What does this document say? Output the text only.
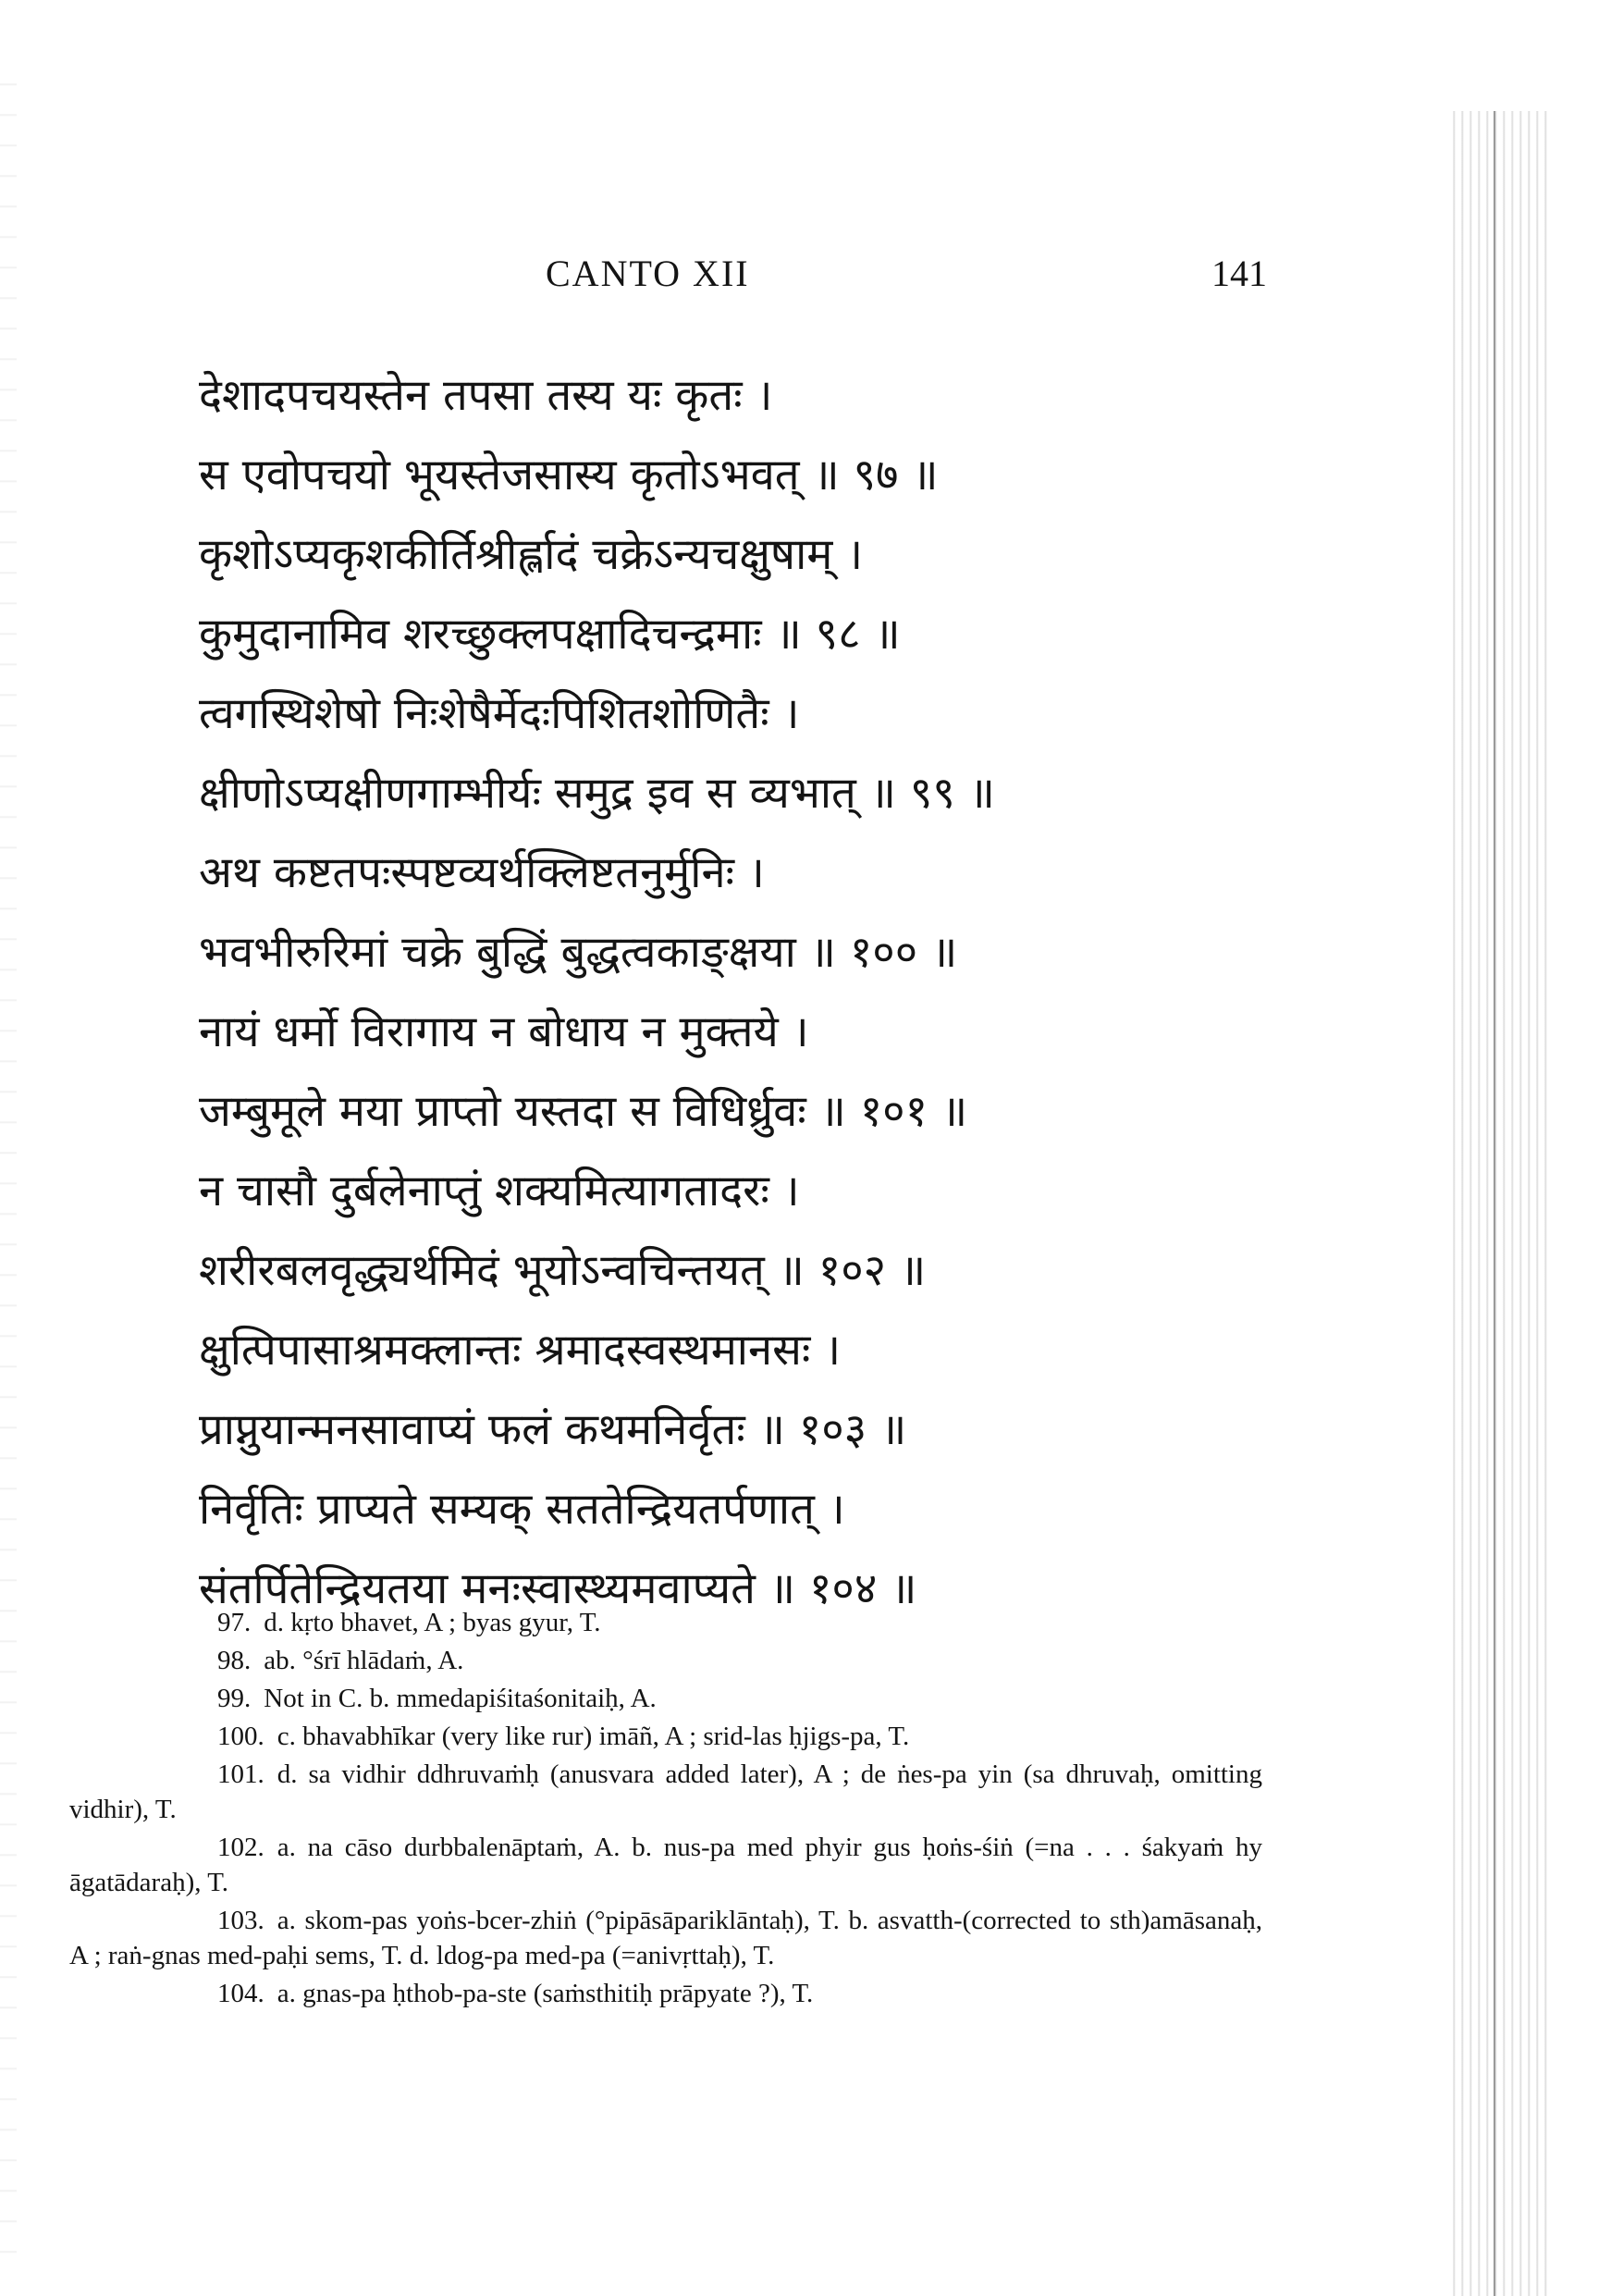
CANTO XII	141
देशादपचयस्तेन तपसा तस्य यः कृतः ।
स एवोपचयो भूयस्तेजसास्य कृतोऽभवत् ॥ ९७ ॥
कृशोऽप्यकृशकीर्तिश्रीर्ह्लादं चक्रेऽन्यचक्षुषाम् ।
कुमुदानामिव शरच्छुक्लपक्षादिचन्द्रमाः ॥ ९८ ॥
त्वगस्थिशेषो निःशेषैर्मेदःपिशितशोणितैः ।
क्षीणोऽप्यक्षीणगाम्भीर्यः समुद्र इव स व्यभात् ॥ ९९ ॥
अथ कष्टतपःस्पष्टव्यर्थक्लिष्टतनुर्मुनिः ।
भवभीरुरिमां चक्रे बुद्धिं बुद्धत्वकाङ्क्षया ॥ १०० ॥
नायं धर्मो विरागाय न बोधाय न मुक्तये ।
जम्बुमूले मया प्राप्तो यस्तदा स विधिर्ध्रुवः ॥ १०१ ॥
न चासौ दुर्बलेनाप्तुं शक्यमित्यागतादरः ।
शरीरबलवृद्ध्यर्थमिदं भूयोऽन्वचिन्तयत् ॥ १०२ ॥
क्षुत्पिपासाश्रमक्लान्तः श्रमादस्वस्थमानसः ।
प्राप्नुयान्मनसावाप्यं फलं कथमनिर्वृतः ॥ १०३ ॥
निर्वृतिः प्राप्यते सम्यक् सततेन्द्रियतर्पणात् ।
संतर्पितेन्द्रियतया मनःस्वास्थ्यमवाप्यते ॥ १०४ ॥

97. d. kṛto bhavet, A ; byas gyur, T.

98. ab. °śrī hlādaṁ, A.

99. Not in C. b. mmedapiśitaśonitaiḥ, A.

100. c. bhavabhīkar (very like rur) imāñ, A ; srid-las ḥjigs-pa, T.

101. d. sa vidhir ddhruvaṁḥ (anusvara added later), A ; de ṅes-pa yin (sa dhruvaḥ, omitting vidhir), T.

102. a. na cāso durbbalenāptaṁ, A. b. nus-pa med phyir gus ḥoṅs-śiṅ (=na . . . śakyaṁ hy āgatādaraḥ), T.

103. a. skom-pas yoṅs-bcer-zhiṅ (°pipāsāpariklāntaḥ), T. b. asvatth-(corrected to sth)amāsanaḥ, A ; raṅ-gnas med-paḥi sems, T. d. ldog-pa med-pa (=anivṛttaḥ), T.

104. a. gnas-pa ḥthob-pa-ste (saṁsthitiḥ prāpyate ?), T.
